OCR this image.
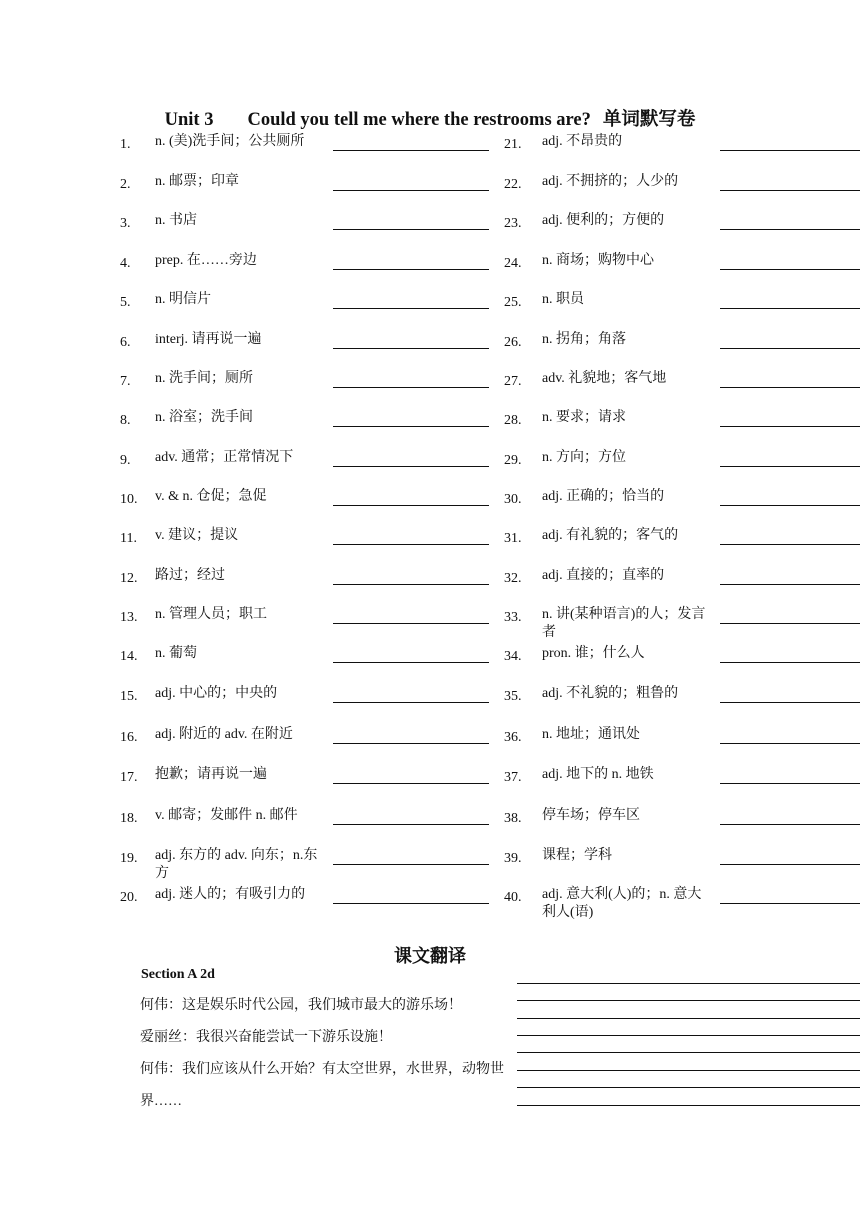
Unit 3 Could you tell me where the restrooms are? 单词默写卷
1. n. (美)洗手间；公共厕所
2. n. 邮票；印章
3. n. 书店
4. prep. 在……旁边
5. n. 明信片
6. interj. 请再说一遍
7. n. 洗手间；厕所
8. n. 浴室；洗手间
9. adv. 通常；正常情况下
10. v. & n. 仓促；急促
11. v. 建议；提议
12. 路过；经过
13. n. 管理人员；职工
14. n. 葡萄
15. adj. 中心的；中央的
16. adj. 附近的 adv. 在附近
17. 抱歉；请再说一遍
18. v. 邮寄；发邮件 n. 邮件
19. adj. 东方的 adv. 向东；n.东方
20. adj. 迷人的；有吸引力的
21. adj. 不昂贵的
22. adj. 不拥挤的；人少的
23. adj. 便利的；方便的
24. n. 商场；购物中心
25. n. 职员
26. n. 拐角；角落
27. adv. 礼貌地；客气地
28. n. 要求；请求
29. n. 方向；方位
30. adj. 正确的；恰当的
31. adj. 有礼貌的；客气的
32. adj. 直接的；直率的
33. n. 讲(某种语言)的人；发言者
34. pron. 谁；什么人
35. adj. 不礼貌的；粗鲁的
36. n. 地址；通讯处
37. adj. 地下的 n. 地铁
38. 停车场；停车区
39. 课程；学科
40. adj. 意大利(人)的；n. 意大利人(语)
课文翻译
Section A 2d

何伟：这是娱乐时代公园，我们城市最大的游乐场！

爱丽丝：我很兴奋能尝试一下游乐设施！

何伟：我们应该从什么开始？有太空世界，水世界，动物世界……
